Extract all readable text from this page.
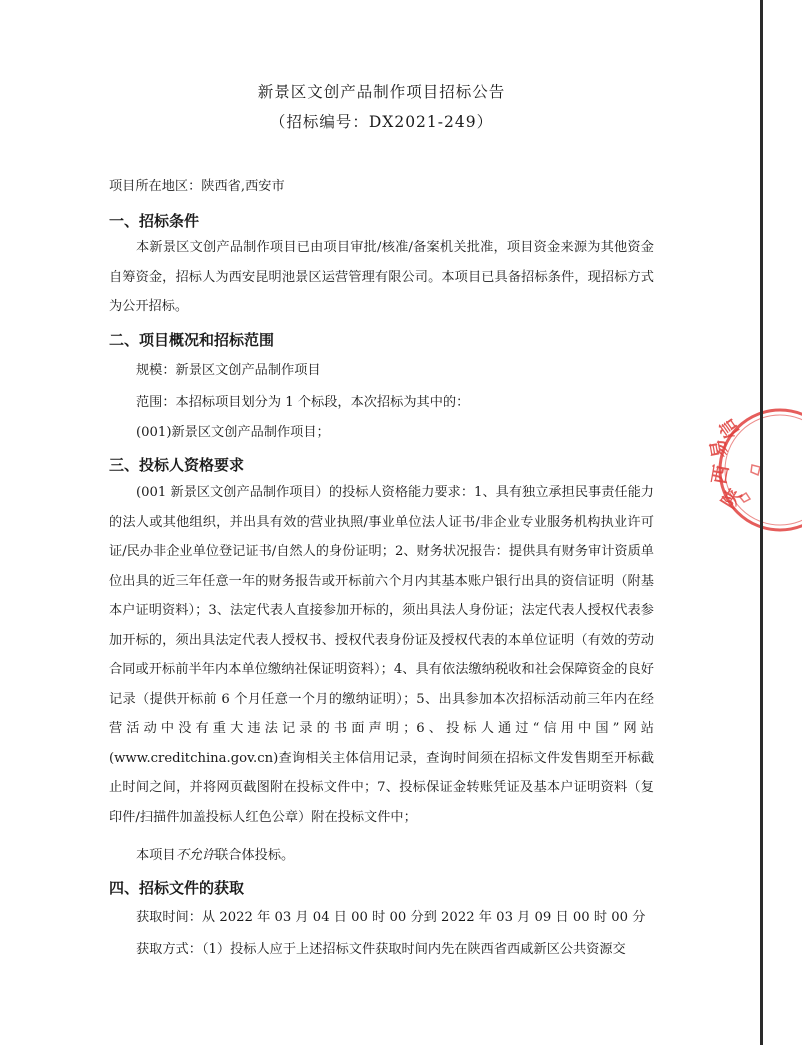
新景区文创产品制作项目招标公告
（招标编号：DX2021-249）
项目所在地区：陕西省,西安市
一、招标条件
本新景区文创产品制作项目已由项目审批/核准/备案机关批准，项目资金来源为其他资金自筹资金，招标人为西安昆明池景区运营管理有限公司。本项目已具备招标条件，现招标方式为公开招标。
二、项目概况和招标范围
规模：新景区文创产品制作项目
范围：本招标项目划分为 1 个标段，本次招标为其中的：
(001)新景区文创产品制作项目；
三、投标人资格要求
(001 新景区文创产品制作项目）的投标人资格能力要求：1、具有独立承担民事责任能力的法人或其他组织，并出具有效的营业执照/事业单位法人证书/非企业专业服务机构执业许可证/民办非企业单位登记证书/自然人的身份证明；2、财务状况报告：提供具有财务审计资质单位出具的近三年任意一年的财务报告或开标前六个月内其基本账户银行出具的资信证明（附基本户证明资料）；3、法定代表人直接参加开标的，须出具法人身份证；法定代表人授权代表参加开标的，须出具法定代表人授权书、授权代表身份证及授权代表的本单位证明（有效的劳动合同或开标前半年内本单位缴纳社保证明资料）；4、具有依法缴纳税收和社会保障资金的良好记录（提供开标前 6 个月任意一个月的缴纳证明）；5、出具参加本次招标活动前三年内在经营活动中没有重大违法记录的书面声明；6、投标人通过“信用中国”网站(www.creditchina.gov.cn)查询相关主体信用记录，查询时间须在招标文件发售期至开标截止时间之间，并将网页截图附在投标文件中；7、投标保证金转账凭证及基本户证明资料（复印件/扫描件加盖投标人红色公章）附在投标文件中；
本项目不允许联合体投标。
四、招标文件的获取
获取时间：从 2022 年 03 月 04 日 00 时 00 分到 2022 年 03 月 09 日 00 时 00 分
获取方式：（1）投标人应于上述招标文件获取时间内先在陕西省西咸新区公共资源交
陕
西
易
信
